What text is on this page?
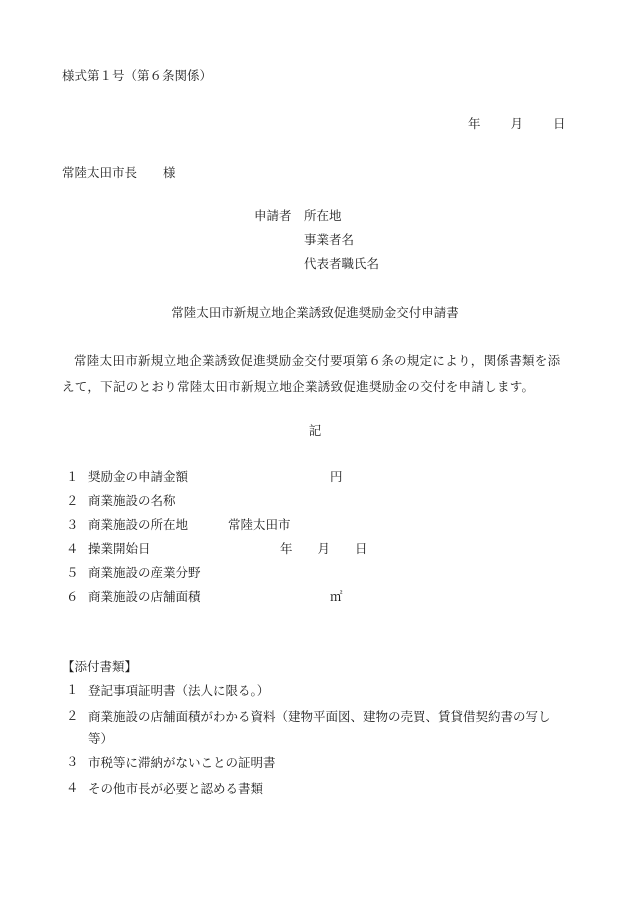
様式第１号（第６条関係）
年 月 日
常陸太田市長 様
申請者 所在地
事業者名
代表者職氏名
常陸太田市新規立地企業誘致促進奨励金交付申請書
常陸太田市新規立地企業誘致促進奨励金交付要項第６条の規定により，関係書類を添えて，下記のとおり常陸太田市新規立地企業誘致促進奨励金の交付を申請します。
記
１ 奨励金の申請金額	円
２ 商業施設の名称
３ 商業施設の所在地	常陸太田市
４ 操業開始日	年　　月　　日
５ 商業施設の産業分野
６ 商業施設の店舗面積	㎡
【添付書類】
１ 登記事項証明書（法人に限る。）
２ 商業施設の店舗面積がわかる資料（建物平面図、建物の売買、賃貸借契約書の写し等）
３ 市税等に滞納がないことの証明書
４ その他市長が必要と認める書類
